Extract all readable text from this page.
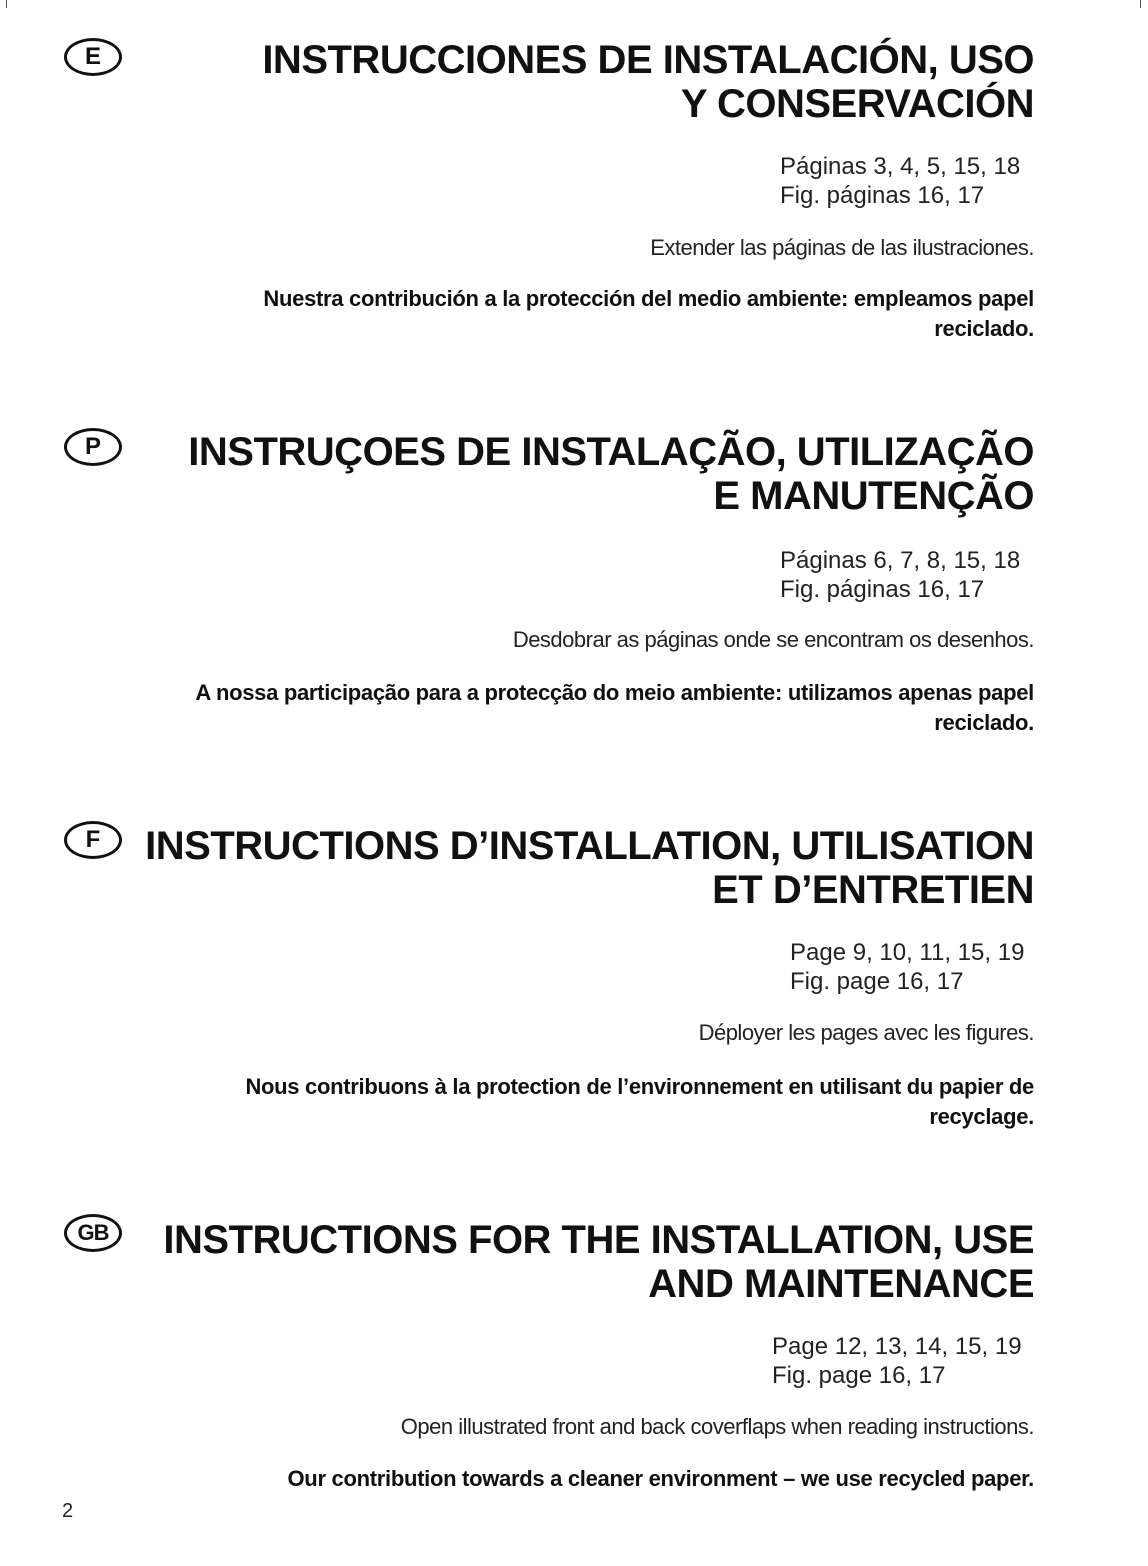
E	INSTRUCCIONES DE INSTALACIÓN, USO
Y CONSERVACIÓN
Páginas 3, 4, 5, 15, 18
Fig. páginas 16, 17
Extender las páginas de las ilustraciones.
Nuestra contribución a la protección del medio ambiente: empleamos papel
reciclado.
P	INSTRUÇOES DE INSTALAÇÃO, UTILIZAÇÃO
E MANUTENÇÃO
Páginas 6, 7, 8, 15, 18
Fig. páginas 16, 17
Desdobrar as páginas onde se encontram os desenhos.
A nossa participação para a protecção do meio ambiente: utilizamos apenas papel
reciclado.
F	INSTRUCTIONS D’INSTALLATION, UTILISATION
ET D’ENTRETIEN
Page 9, 10, 11, 15, 19
Fig. page 16, 17
Déployer les pages avec les figures.
Nous contribuons à la protection de l’environnement en utilisant du papier de
recyclage.
GB	INSTRUCTIONS FOR THE INSTALLATION, USE
AND MAINTENANCE
Page 12, 13, 14, 15, 19
Fig. page 16, 17
Open illustrated front and back coverflaps when reading instructions.
Our contribution towards a cleaner environment – we use recycled paper.
2
